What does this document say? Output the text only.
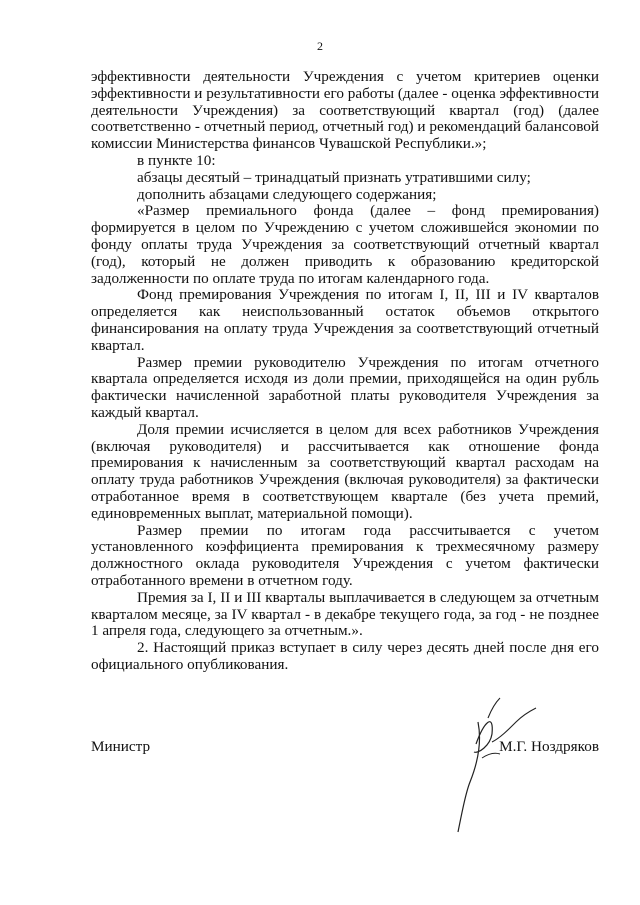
2

эффективности деятельности Учреждения с учетом критериев оценки эффективности и результативности его работы (далее - оценка эффективности деятельности Учреждения) за соответствующий квартал (год) (далее соответственно - отчетный период, отчетный год) и рекомендаций балансовой комиссии Министерства финансов Чувашской Республики.»;

в пункте 10:

абзацы десятый – тринадцатый признать утратившими силу;

дополнить абзацами следующего содержания;

«Размер премиального фонда (далее – фонд премирования) формируется в целом по Учреждению с учетом сложившейся экономии по фонду оплаты труда Учреждения за соответствующий отчетный квартал (год), который не должен приводить к образованию кредиторской задолженности по оплате труда по итогам календарного года.

Фонд премирования Учреждения по итогам I, II, III и IV кварталов определяется как неиспользованный остаток объемов открытого финансирования на оплату труда Учреждения за соответствующий отчетный квартал.

Размер премии руководителю Учреждения по итогам отчетного квартала определяется исходя из доли премии, приходящейся на один рубль фактически начисленной заработной платы руководителя Учреждения за каждый квартал.

Доля премии исчисляется в целом для всех работников Учреждения (включая руководителя) и рассчитывается как отношение фонда премирования к начисленным за соответствующий квартал расходам на оплату труда работников Учреждения (включая руководителя) за фактически отработанное время в соответствующем квартале (без учета премий, единовременных выплат, материальной помощи).

Размер премии по итогам года рассчитывается с учетом установленного коэффициента премирования к трехмесячному размеру должностного оклада руководителя Учреждения с учетом фактически отработанного времени в отчетном году.

Премия за I, II и III кварталы выплачивается в следующем за отчетным кварталом месяце, за IV квартал - в декабре текущего года, за год - не позднее 1 апреля года, следующего за отчетным.».

2. Настоящий приказ вступает в силу через десять дней после дня его официального опубликования.

Министр	М.Г. Ноздряков
